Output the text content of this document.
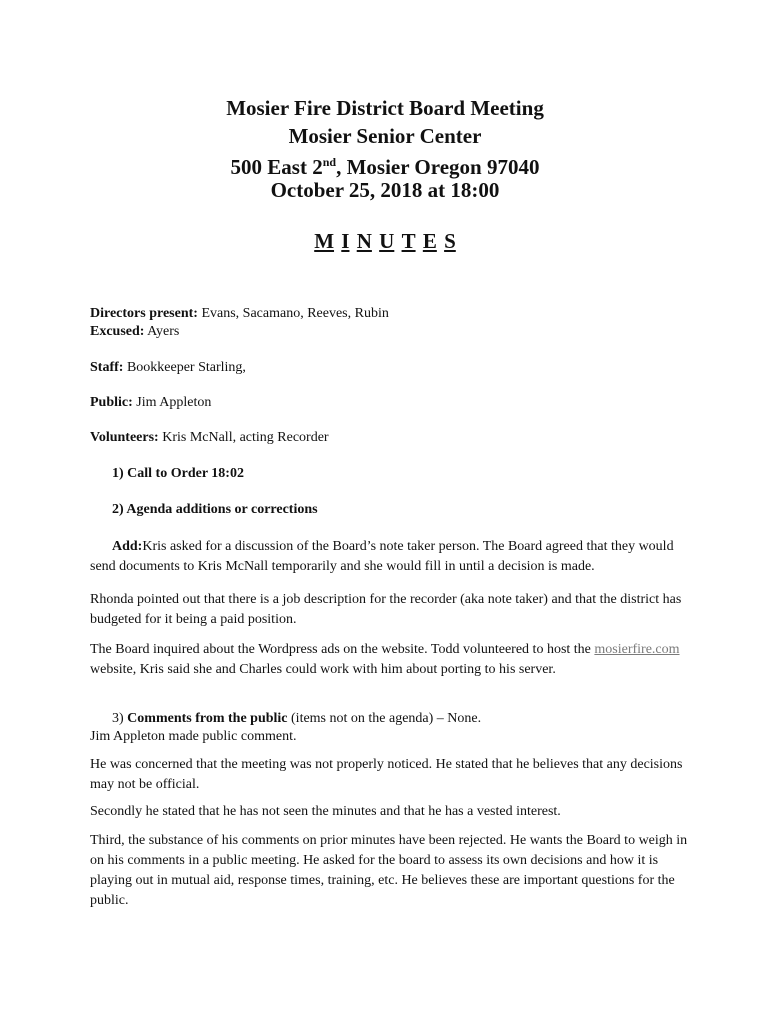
Mosier Fire District Board Meeting
Mosier Senior Center
500 East 2nd, Mosier Oregon 97040
October 25, 2018 at 18:00
M I N U T E S

Directors present: Evans, Sacamano, Reeves, Rubin

Excused: Ayers

Staff: Bookkeeper Starling,

Public: Jim Appleton

Volunteers: Kris McNall, acting Recorder

1) Call to Order 18:02

2) Agenda additions or corrections

Add:Kris asked for a discussion of the Board’s note taker person. The Board agreed that they would send documents to Kris McNall temporarily and she would fill in until a decision is made.

Rhonda pointed out that there is a job description for the recorder (aka note taker) and that the district has budgeted for it being a paid position.

The Board inquired about the Wordpress ads on the website. Todd volunteered to host the mosierfire.com website, Kris said she and Charles could work with him about porting to his server.

3) Comments from the public (items not on the agenda) – None.

Jim Appleton made public comment.

He was concerned that the meeting was not properly noticed. He stated that he believes that any decisions may not be official.

Secondly he stated that he has not seen the minutes and that he has a vested interest.

Third, the substance of his comments on prior minutes have been rejected. He wants the Board to weigh in on his comments in a public meeting. He asked for the board to assess its own decisions and how it is playing out in mutual aid, response times, training, etc. He believes these are important questions for the public.
